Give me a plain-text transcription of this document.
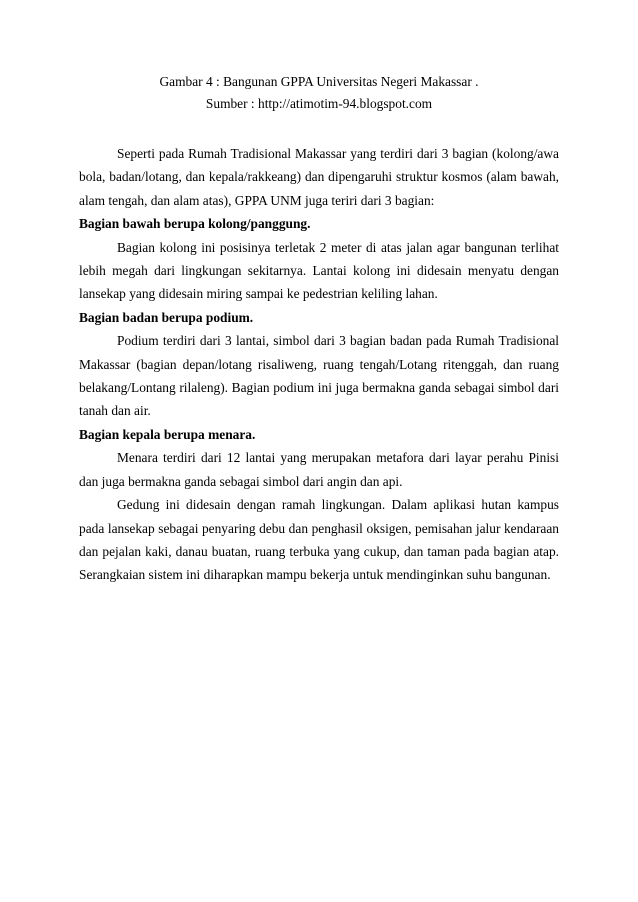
Gambar 4 : Bangunan GPPA Universitas Negeri Makassar .
Sumber : http://atimotim-94.blogspot.com

Seperti pada Rumah Tradisional Makassar yang terdiri dari 3 bagian (kolong/awa bola, badan/lotang, dan kepala/rakkeang) dan dipengaruhi struktur kosmos (alam bawah, alam tengah, dan alam atas), GPPA UNM juga teriri dari 3 bagian:

Bagian bawah berupa kolong/panggung.

Bagian kolong ini posisinya terletak 2 meter di atas jalan agar bangunan terlihat lebih megah dari lingkungan sekitarnya. Lantai kolong ini didesain menyatu dengan lansekap yang didesain miring sampai ke pedestrian keliling lahan.

Bagian badan berupa podium.

Podium terdiri dari 3 lantai, simbol dari 3 bagian badan pada Rumah Tradisional Makassar (bagian depan/lotang risaliweng, ruang tengah/Lotang ritenggah, dan ruang belakang/Lontang rilaleng). Bagian podium ini juga bermakna ganda sebagai simbol dari tanah dan air.

Bagian kepala berupa menara.

Menara terdiri dari 12 lantai yang merupakan metafora dari layar perahu Pinisi dan juga bermakna ganda sebagai simbol dari angin dan api.

Gedung ini didesain dengan ramah lingkungan. Dalam aplikasi hutan kampus pada lansekap sebagai penyaring debu dan penghasil oksigen, pemisahan jalur kendaraan dan pejalan kaki, danau buatan, ruang terbuka yang cukup, dan taman pada bagian atap. Serangkaian sistem ini diharapkan mampu bekerja untuk mendinginkan suhu bangunan.
